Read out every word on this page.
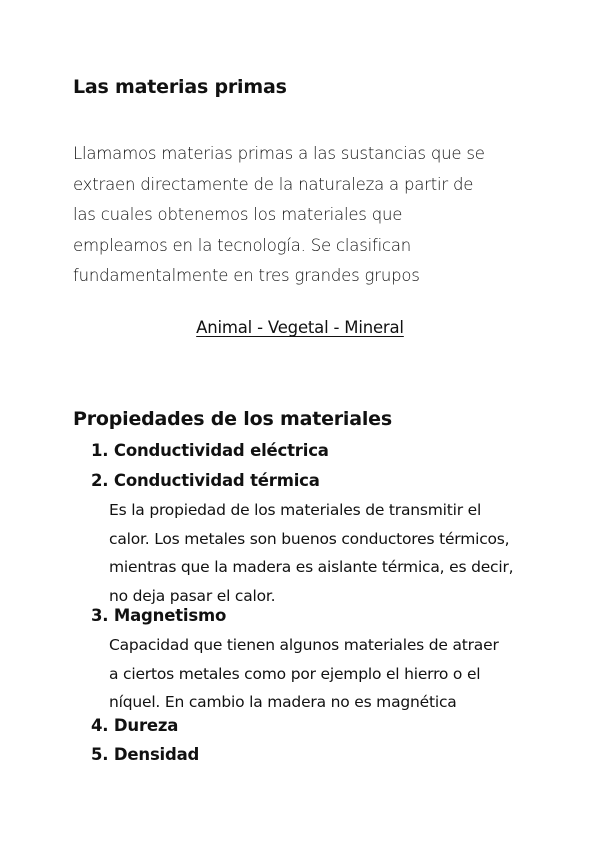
Las materias primas
Llamamos materias primas a las sustancias que se
extraen directamente de la naturaleza a partir de
las cuales obtenemos los materiales que
empleamos en la tecnología. Se clasifican
fundamentalmente en tres grandes grupos
Animal - Vegetal - Mineral
Propiedades de los materiales
1. Conductividad eléctrica
2. Conductividad térmica
Es la propiedad de los materiales de transmitir el
calor. Los metales son buenos conductores térmicos,
mientras que la madera es aislante térmica, es decir,
no deja pasar el calor.
3. Magnetismo
Capacidad que tienen algunos materiales de atraer
a ciertos metales como por ejemplo el hierro o el
níquel. En cambio la madera no es magnética
4. Dureza
5. Densidad
